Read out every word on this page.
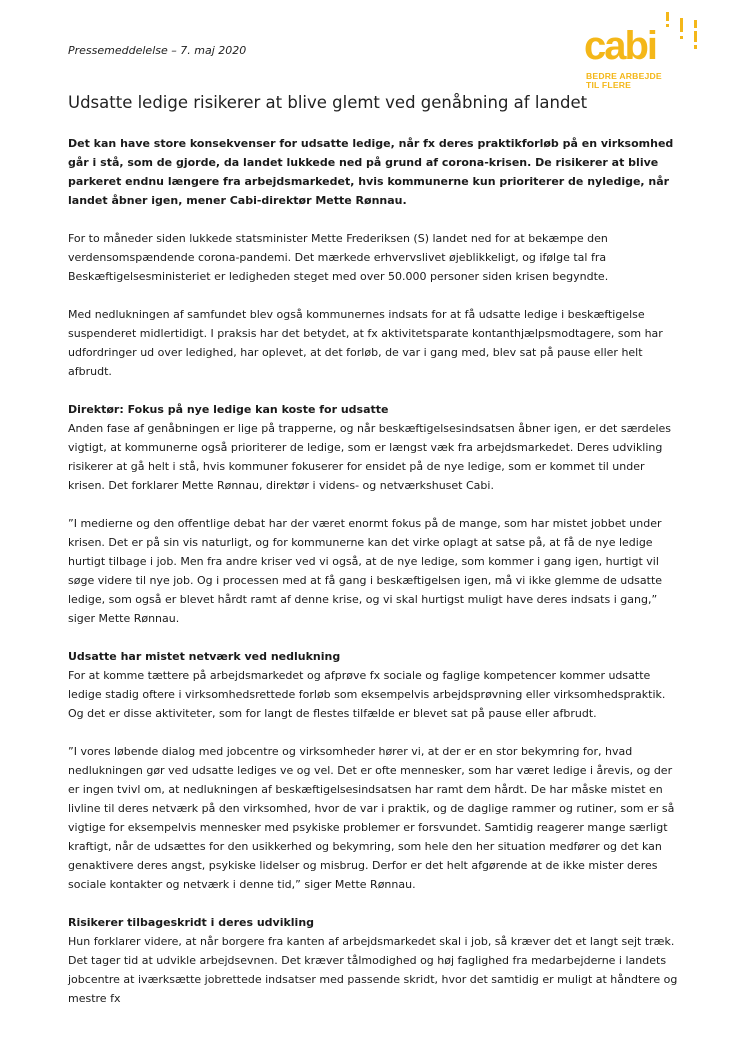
Pressemeddelelse – 7. maj 2020	cabi
BEDRE ARBEJDE
TIL FLERE
Udsatte ledige risikerer at blive glemt ved genåbning af landet

Det kan have store konsekvenser for udsatte ledige, når fx deres praktikforløb på en virksomhed går i stå, som de gjorde, da landet lukkede ned på grund af corona-krisen. De risikerer at blive parkeret endnu længere fra arbejdsmarkedet, hvis kommunerne kun prioriterer de nyledige, når landet åbner igen, mener Cabi-direktør Mette Rønnau.

For to måneder siden lukkede statsminister Mette Frederiksen (S) landet ned for at bekæmpe den verdensomspændende corona-pandemi. Det mærkede erhvervslivet øjeblikkeligt, og ifølge tal fra Beskæftigelsesministeriet er ledigheden steget med over 50.000 personer siden krisen begyndte.

Med nedlukningen af samfundet blev også kommunernes indsats for at få udsatte ledige i beskæftigelse suspenderet midlertidigt. I praksis har det betydet, at fx aktivitetsparate kontanthjælpsmodtagere, som har udfordringer ud over ledighed, har oplevet, at det forløb, de var i gang med, blev sat på pause eller helt afbrudt.

Direktør: Fokus på nye ledige kan koste for udsatte

Anden fase af genåbningen er lige på trapperne, og når beskæftigelsesindsatsen åbner igen, er det særdeles vigtigt, at kommunerne også prioriterer de ledige, som er længst væk fra arbejdsmarkedet. Deres udvikling risikerer at gå helt i stå, hvis kommuner fokuserer for ensidet på de nye ledige, som er kommet til under krisen. Det forklarer Mette Rønnau, direktør i videns- og netværkshuset Cabi.

”I medierne og den offentlige debat har der været enormt fokus på de mange, som har mistet jobbet under krisen. Det er på sin vis naturligt, og for kommunerne kan det virke oplagt at satse på, at få de nye ledige hurtigt tilbage i job. Men fra andre kriser ved vi også, at de nye ledige, som kommer i gang igen, hurtigt vil søge videre til nye job. Og i processen med at få gang i beskæftigelsen igen, må vi ikke glemme de udsatte ledige, som også er blevet hårdt ramt af denne krise, og vi skal hurtigst muligt have deres indsats i gang,” siger Mette Rønnau.

Udsatte har mistet netværk ved nedlukning

For at komme tættere på arbejdsmarkedet og afprøve fx sociale og faglige kompetencer kommer udsatte ledige stadig oftere i virksomhedsrettede forløb som eksempelvis arbejdsprøvning eller virksomhedspraktik. Og det er disse aktiviteter, som for langt de flestes tilfælde er blevet sat på pause eller afbrudt.

”I vores løbende dialog med jobcentre og virksomheder hører vi, at der er en stor bekymring for, hvad nedlukningen gør ved udsatte lediges ve og vel. Det er ofte mennesker, som har været ledige i årevis, og der er ingen tvivl om, at nedlukningen af beskæftigelsesindsatsen har ramt dem hårdt. De har måske mistet en livline til deres netværk på den virksomhed, hvor de var i praktik, og de daglige rammer og rutiner, som er så vigtige for eksempelvis mennesker med psykiske problemer er forsvundet. Samtidig reagerer mange særligt kraftigt, når de udsættes for den usikkerhed og bekymring, som hele den her situation medfører og det kan genaktivere deres angst, psykiske lidelser og misbrug. Derfor er det helt afgørende at de ikke mister deres sociale kontakter og netværk i denne tid,” siger Mette Rønnau.

Risikerer tilbageskridt i deres udvikling

Hun forklarer videre, at når borgere fra kanten af arbejdsmarkedet skal i job, så kræver det et langt sejt træk. Det tager tid at udvikle arbejdsevnen. Det kræver tålmodighed og høj faglighed fra medarbejderne i landets jobcentre at iværksætte jobrettede indsatser med passende skridt, hvor det samtidig er muligt at håndtere og mestre fx
